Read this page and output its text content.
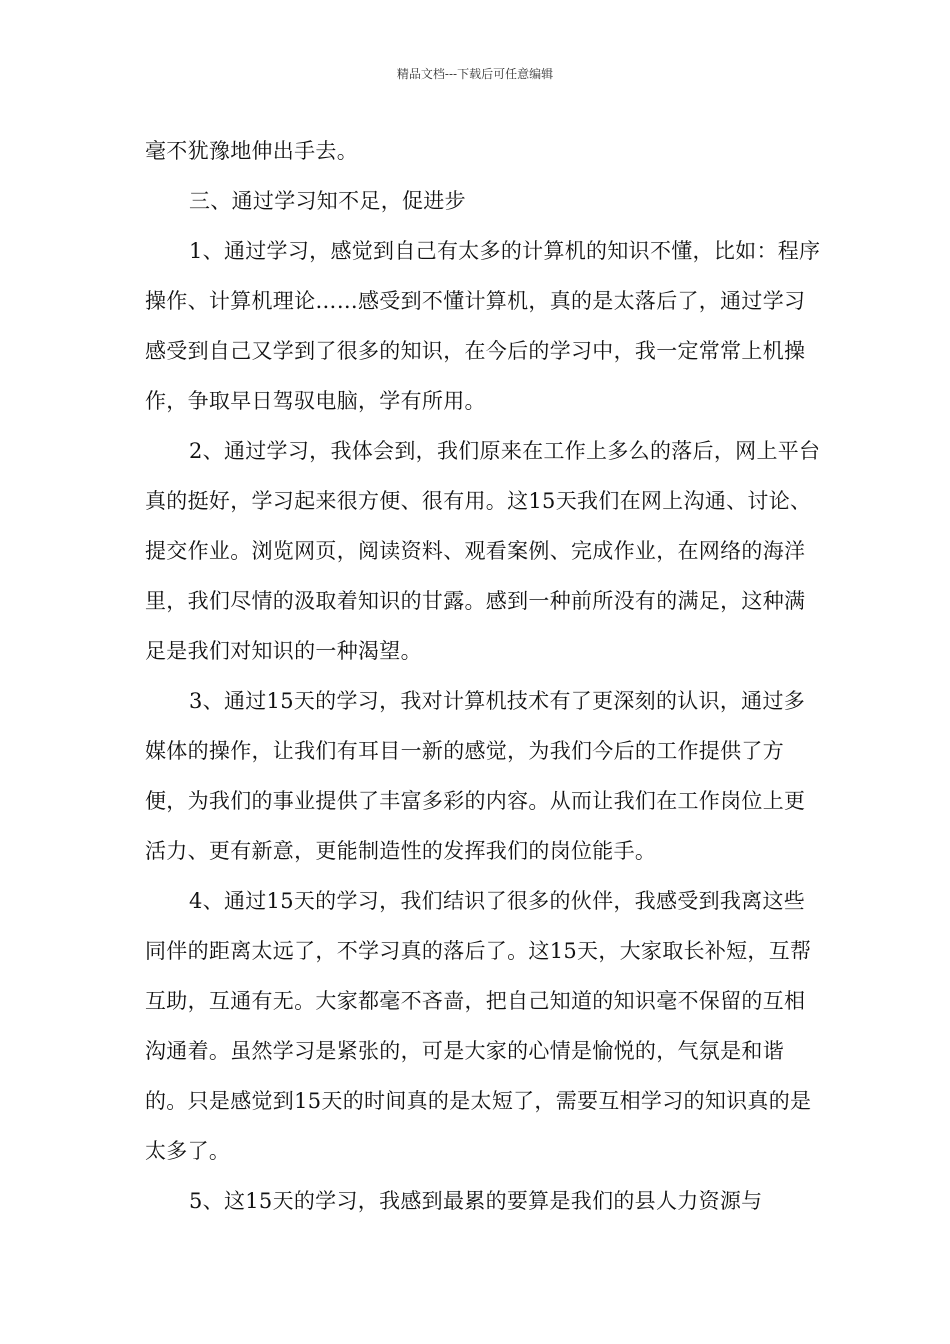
精品文档---下载后可任意编辑

毫不犹豫地伸出手去。

三、通过学习知不足，促进步

1、通过学习，感觉到自己有太多的计算机的知识不懂，比如：程序操作、计算机理论……感受到不懂计算机，真的是太落后了，通过学习感受到自己又学到了很多的知识，在今后的学习中，我一定常常上机操作，争取早日驾驭电脑，学有所用。

2、通过学习，我体会到，我们原来在工作上多么的落后，网上平台真的挺好，学习起来很方便、很有用。这15天我们在网上沟通、讨论、提交作业。浏览网页，阅读资料、观看案例、完成作业，在网络的海洋里，我们尽情的汲取着知识的甘露。感到一种前所没有的满足，这种满足是我们对知识的一种渴望。

3、通过15天的学习，我对计算机技术有了更深刻的认识，通过多媒体的操作，让我们有耳目一新的感觉，为我们今后的工作提供了方便，为我们的事业提供了丰富多彩的内容。从而让我们在工作岗位上更活力、更有新意，更能制造性的发挥我们的岗位能手。

4、通过15天的学习，我们结识了很多的伙伴，我感受到我离这些同伴的距离太远了，不学习真的落后了。这15天，大家取长补短，互帮互助，互通有无。大家都毫不吝啬，把自己知道的知识毫不保留的互相沟通着。虽然学习是紧张的，可是大家的心情是愉悦的，气氛是和谐的。只是感觉到15天的时间真的是太短了，需要互相学习的知识真的是太多了。

5、这15天的学习，我感到最累的要算是我们的县人力资源与
